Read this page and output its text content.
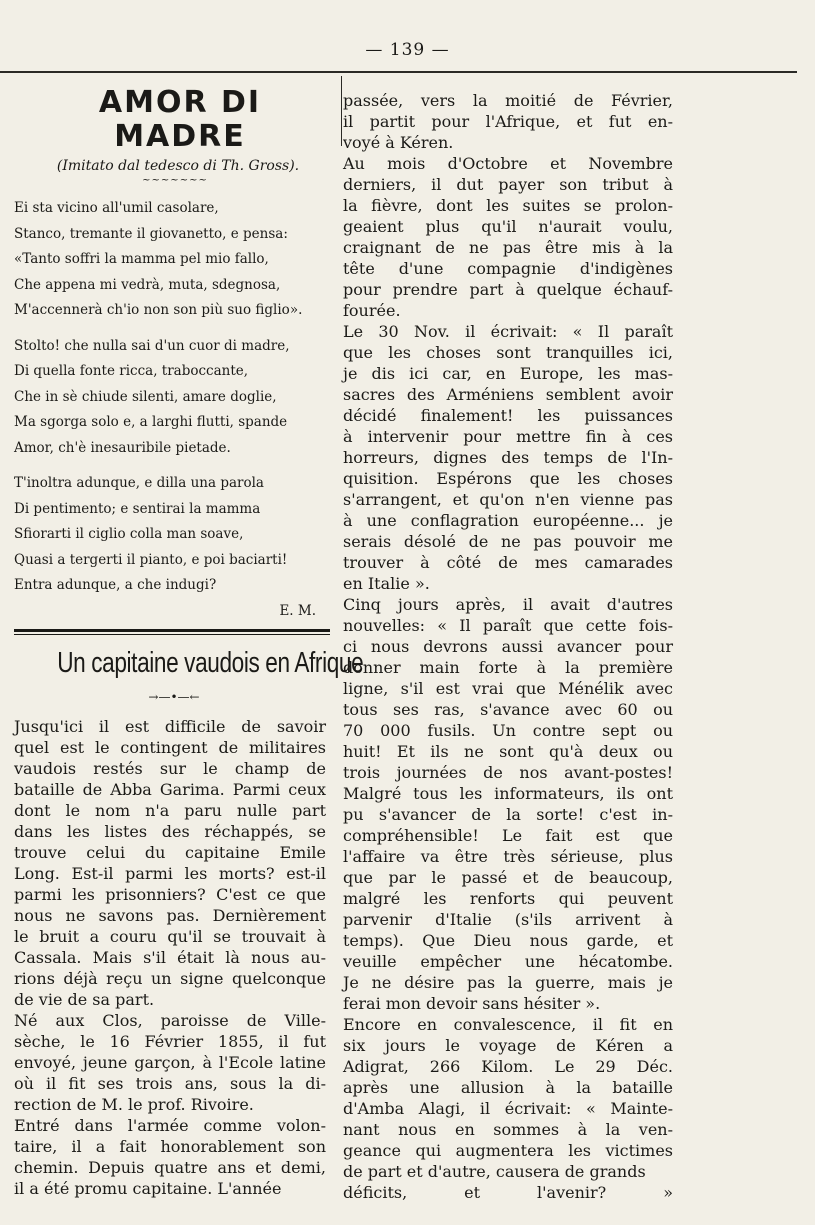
— 139 —
AMOR DI MADRE
(Imitato dal tedesco di Th. Gross).
~~~~~~~
Ei sta vicino all'umil casolare,
Stanco, tremante il giovanetto, e pensa:
«Tanto soffri la mamma pel mio fallo,
Che appena mi vedrà, muta, sdegnosa,
M'accennerà ch'io non son più suo figlio».
Stolto! che nulla sai d'un cuor di madre,
Di quella fonte ricca, traboccante,
Che in sè chiude silenti, amare doglie,
Ma sgorga solo e, a larghi flutti, spande
Amor, ch'è inesauribile pietade.
T'inoltra adunque, e dilla una parola
Di pentimento; e sentirai la mamma
Sfiorarti il ciglio colla man soave,
Quasi a tergerti il pianto, e poi baciarti!
Entra adunque, a che indugi?
E. M.
Un capitaine vaudois en Afrique
→—•—←
Jusqu'ici il est difficile de savoir
quel est le contingent de militaires
vaudois restés sur le champ de
bataille de Abba Garima. Parmi ceux
dont le nom n'a paru nulle part
dans les listes des réchappés, se
trouve celui du capitaine Emile
Long. Est-il parmi les morts? est-il
parmi les prisonniers? C'est ce que
nous ne savons pas. Dernièrement
le bruit a couru qu'il se trouvait à
Cassala. Mais s'il était là nous au-
rions déjà reçu un signe quelconque
de vie de sa part.
Né aux Clos, paroisse de Ville-
sèche, le 16 Février 1855, il fut
envoyé, jeune garçon, à l'Ecole latine
où il fit ses trois ans, sous la di-
rection de M. le prof. Rivoire.
Entré dans l'armée comme volon-
taire, il a fait honorablement son
chemin. Depuis quatre ans et demi,
il a été promu capitaine. L'année
passée, vers la moitié de Février,
il partit pour l'Afrique, et fut en-
voyé à Kéren.
Au mois d'Octobre et Novembre
derniers, il dut payer son tribut à
la fièvre, dont les suites se prolon-
geaient plus qu'il n'aurait voulu,
craignant de ne pas être mis à la
tête d'une compagnie d'indigènes
pour prendre part à quelque échauf-
fourée.
Le 30 Nov. il écrivait: « Il paraît
que les choses sont tranquilles ici,
je dis ici car, en Europe, les mas-
sacres des Arméniens semblent avoir
décidé finalement! les puissances
à intervenir pour mettre fin à ces
horreurs, dignes des temps de l'In-
quisition. Espérons que les choses
s'arrangent, et qu'on n'en vienne pas
à une conflagration européenne... je
serais désolé de ne pas pouvoir me
trouver à côté de mes camarades
en Italie ».
Cinq jours après, il avait d'autres
nouvelles: « Il paraît que cette fois-
ci nous devrons aussi avancer pour
donner main forte à la première
ligne, s'il est vrai que Ménélik avec
tous ses ras, s'avance avec 60 ou
70 000 fusils. Un contre sept ou
huit! Et ils ne sont qu'à deux ou
trois journées de nos avant-postes!
Malgré tous les informateurs, ils ont
pu s'avancer de la sorte! c'est in-
compréhensible! Le fait est que
l'affaire va être très sérieuse, plus
que par le passé et de beaucoup,
malgré les renforts qui peuvent
parvenir d'Italie (s'ils arrivent à
temps). Que Dieu nous garde, et
veuille empêcher une hécatombe.
Je ne désire pas la guerre, mais je
ferai mon devoir sans hésiter ».
Encore en convalescence, il fit en
six jours le voyage de Kéren a
Adigrat, 266 Kilom. Le 29 Déc.
après une allusion à la bataille
d'Amba Alagi, il écrivait: « Mainte-
nant nous en sommes à la ven-
geance qui augmentera les victimes
de part et d'autre, causera de grands
déficits, et l'avenir? »
